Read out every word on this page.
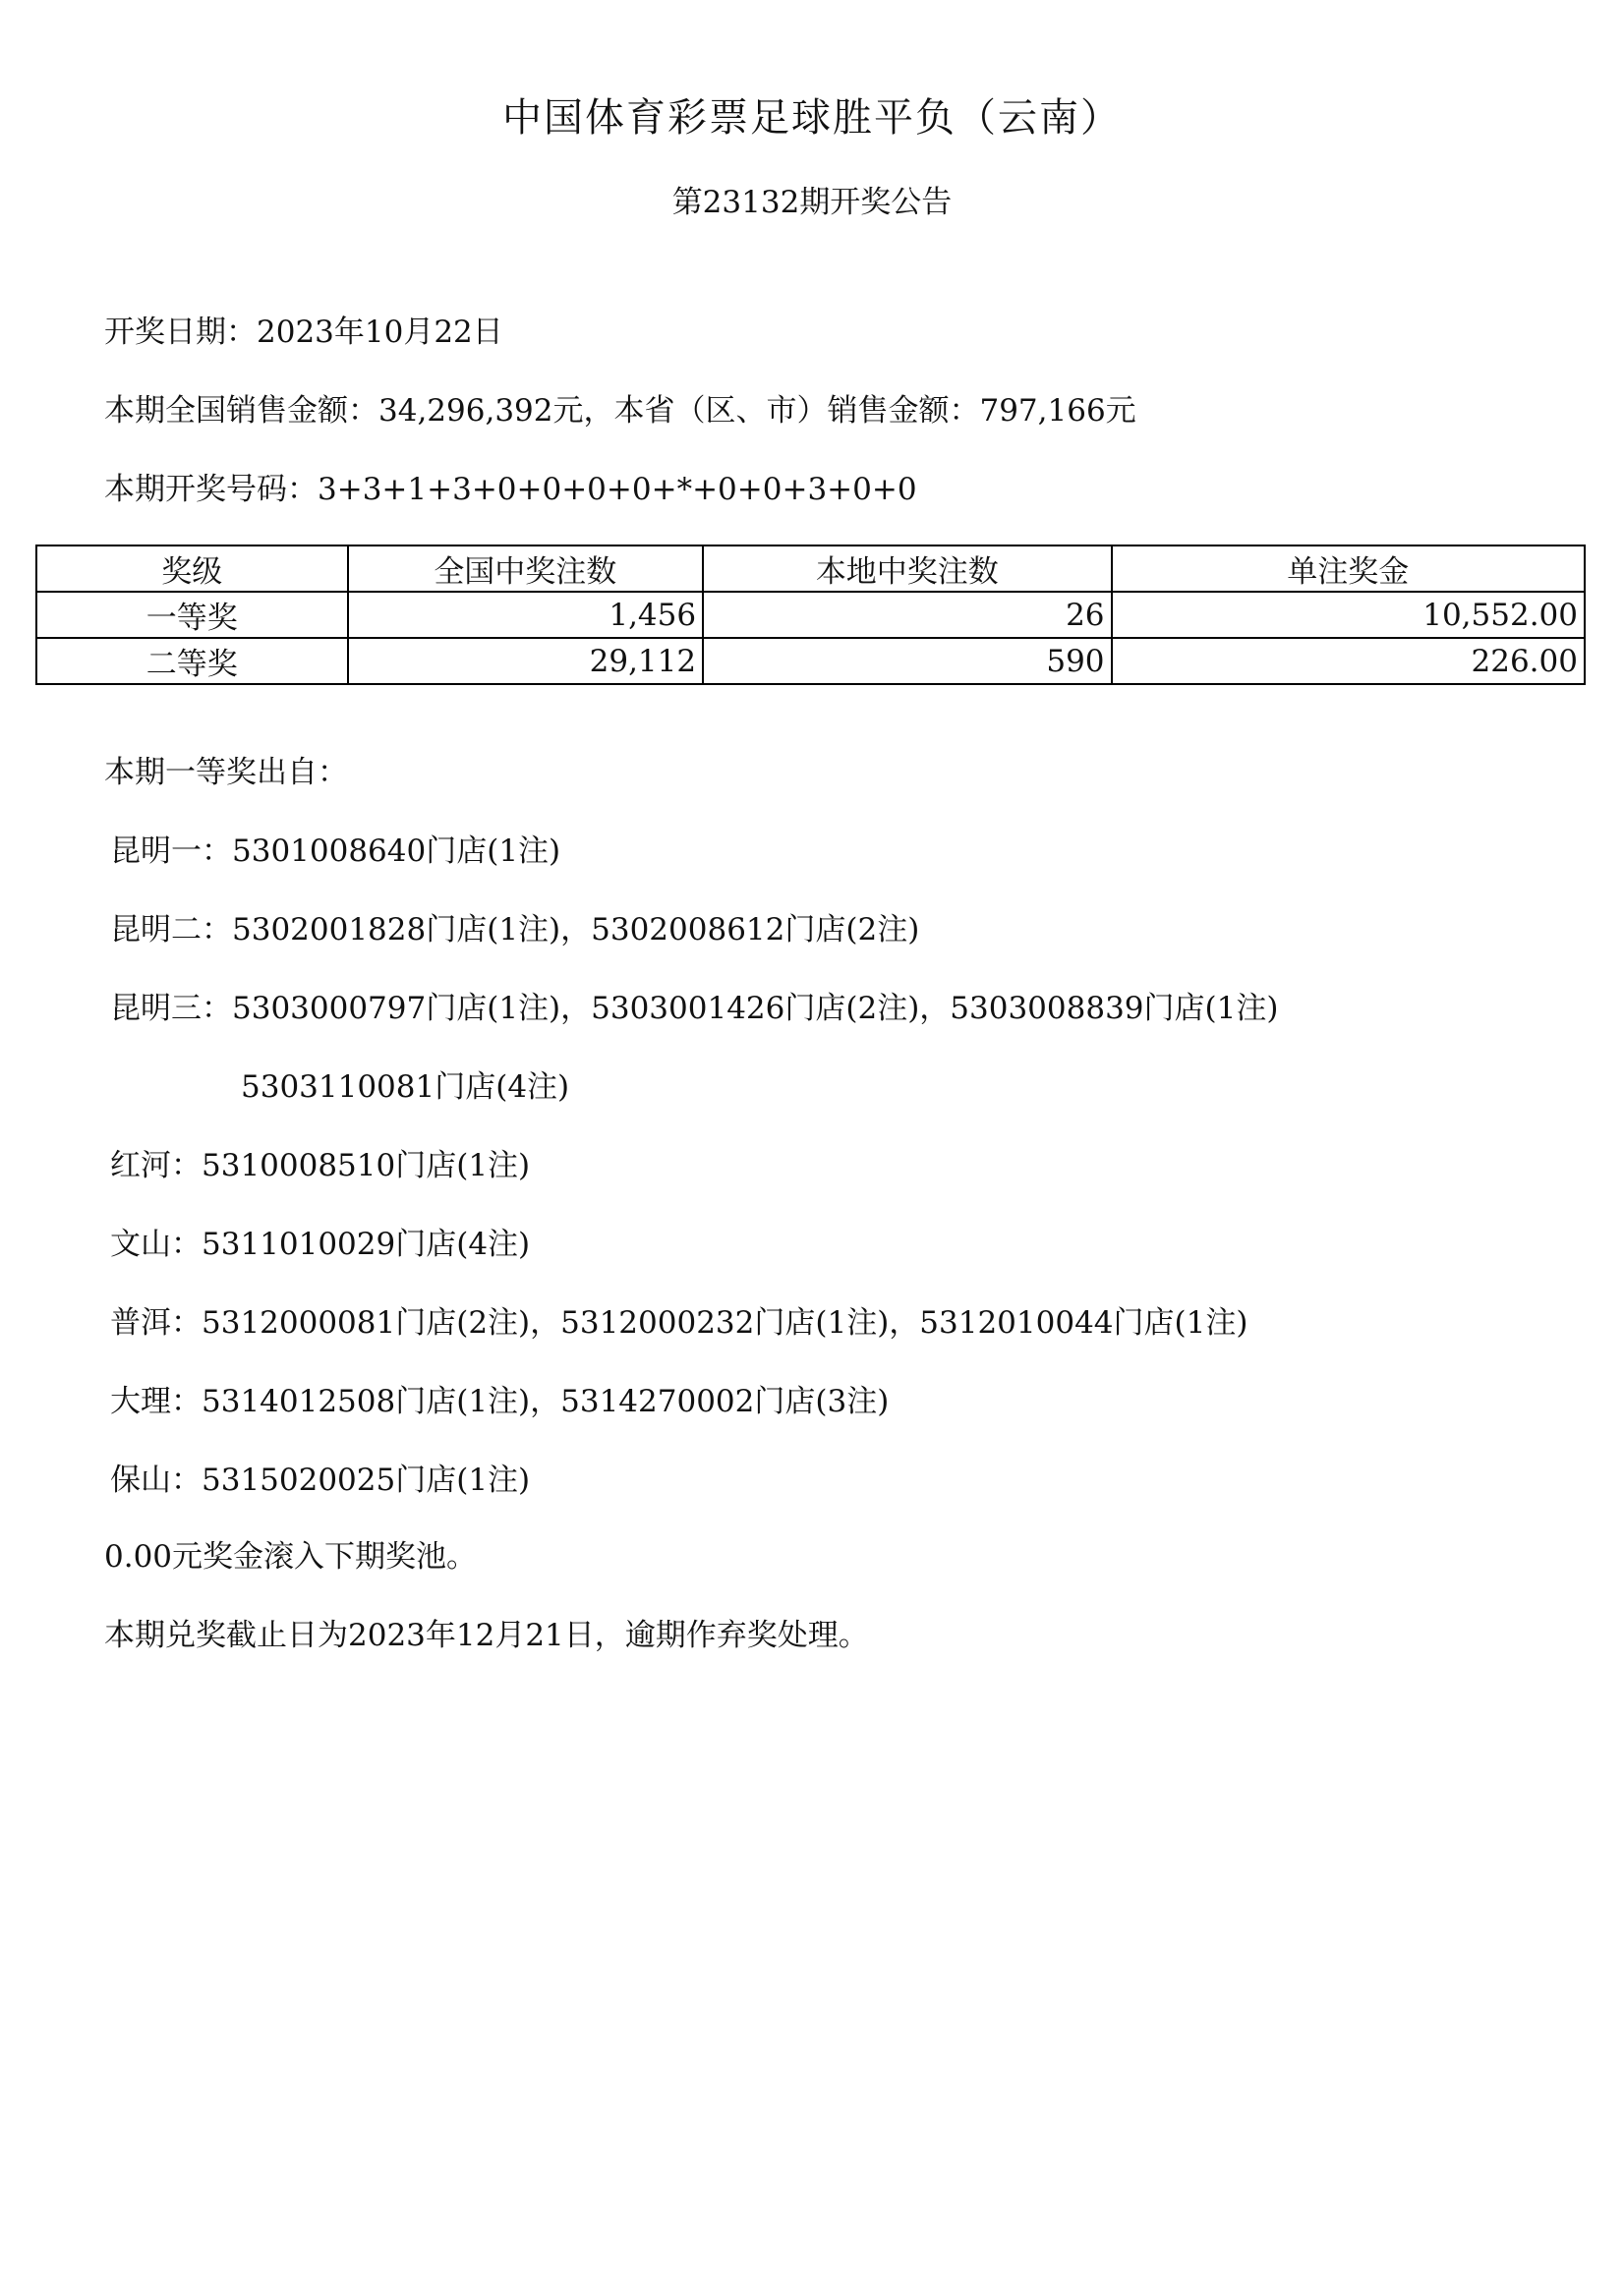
中国体育彩票足球胜平负（云南）
第23132期开奖公告
开奖日期：2023年10月22日
本期全国销售金额：34,296,392元，本省（区、市）销售金额：797,166元
本期开奖号码：3+3+1+3+0+0+0+0+*+0+0+3+0+0
奖级	全国中奖注数	本地中奖注数	单注奖金
一等奖	1,456	26	10,552.00
二等奖	29,112	590	226.00
本期一等奖出自：
昆明一：5301008640门店(1注)
昆明二：5302001828门店(1注)，5302008612门店(2注)
昆明三：5303000797门店(1注)，5303001426门店(2注)，5303008839门店(1注)
5303110081门店(4注)
红河：5310008510门店(1注)
文山：5311010029门店(4注)
普洱：5312000081门店(2注)，5312000232门店(1注)，5312010044门店(1注)
大理：5314012508门店(1注)，5314270002门店(3注)
保山：5315020025门店(1注)
0.00元奖金滚入下期奖池。
本期兑奖截止日为2023年12月21日，逾期作弃奖处理。
